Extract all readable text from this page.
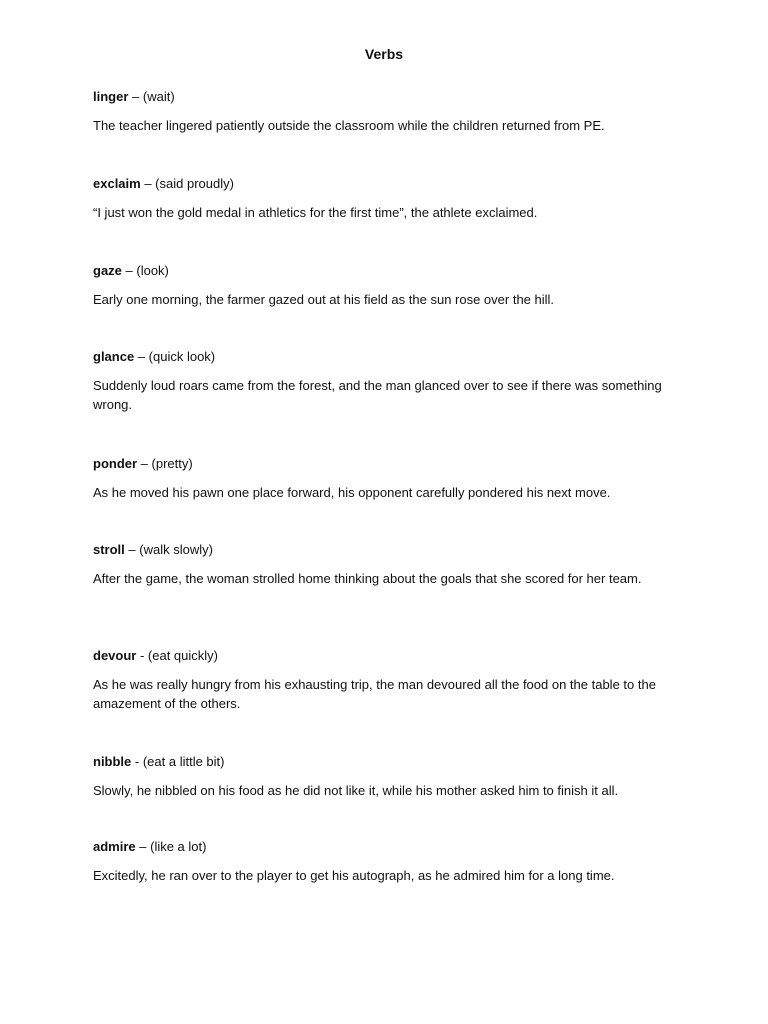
Verbs
linger – (wait)
The teacher lingered patiently outside the classroom while the children returned from PE.
exclaim – (said proudly)
“I just won the gold medal in athletics for the first time”, the athlete exclaimed.
gaze – (look)
Early one morning, the farmer gazed out at his field as the sun rose over the hill.
glance – (quick look)
Suddenly loud roars came from the forest, and the man glanced over to see if there was something wrong.
ponder – (pretty)
As he moved his pawn one place forward, his opponent carefully pondered his next move.
stroll – (walk slowly)
After the game, the woman strolled home thinking about the goals that she scored for her team.
devour - (eat quickly)
As he was really hungry from his exhausting trip, the man devoured all the food on the table to the amazement of the others.
nibble - (eat a little bit)
Slowly, he nibbled on his food as he did not like it, while his mother asked him to finish it all.
admire – (like a lot)
Excitedly, he ran over to the player to get his autograph, as he admired him for a long time.
